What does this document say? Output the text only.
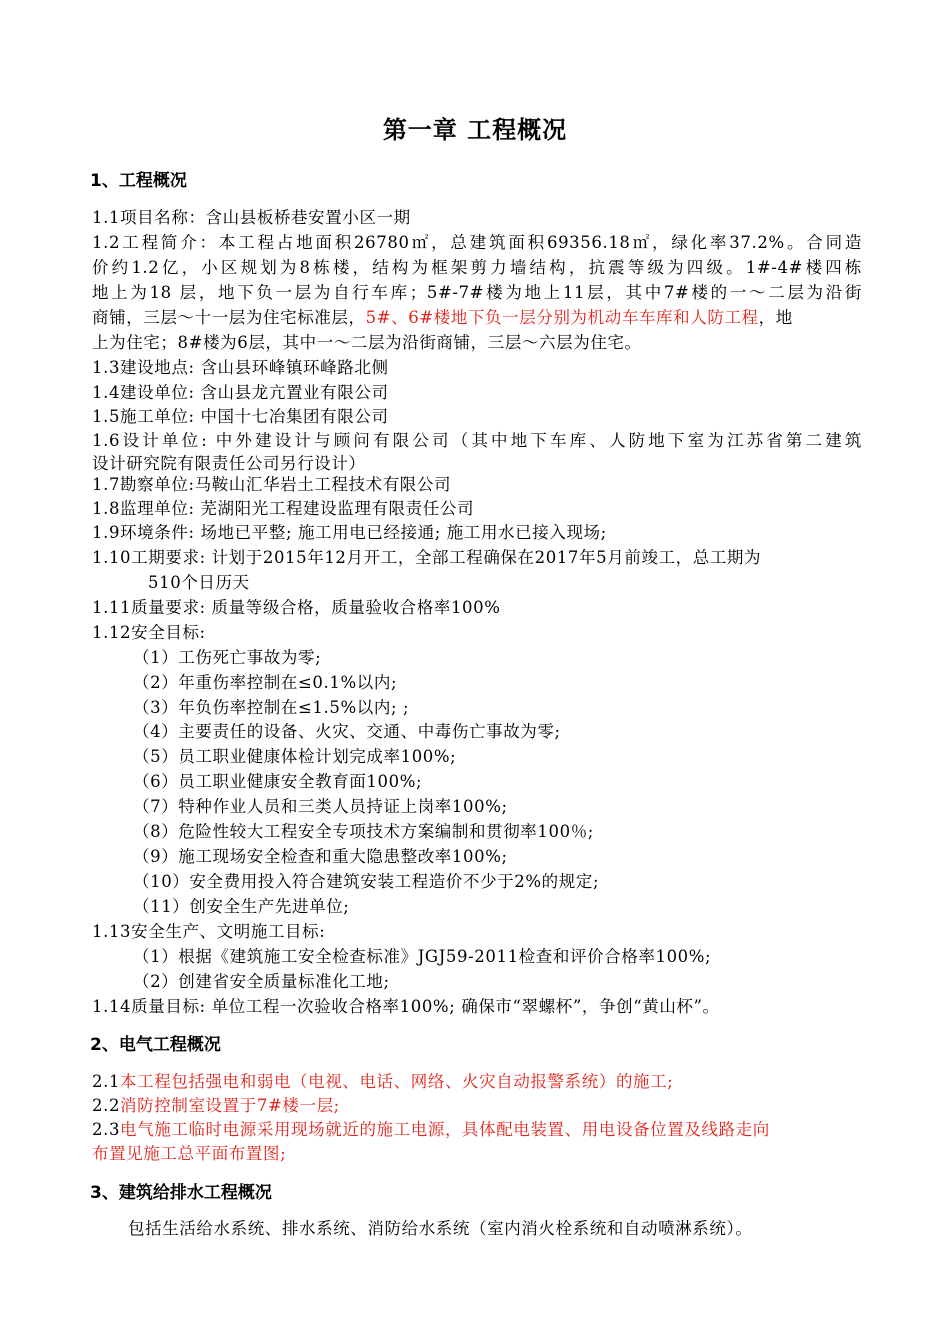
第一章 工程概况
1、工程概况
1.1项目名称：含山县板桥巷安置小区一期
1.2工程简介：本工程占地面积26780㎡，总建筑面积69356.18㎡，绿化率37.2%。合同造
价约1.2亿，小区规划为8栋楼，结构为框架剪力墙结构，抗震等级为四级。1#-4#楼四栋
地上为18 层，地下负一层为自行车库；5#-7#楼为地上11层，其中7#楼的一～二层为沿街
商铺，三层～十一层为住宅标准层，5#、6#楼地下负一层分别为机动车车库和人防工程，地
上为住宅；8#楼为6层，其中一～二层为沿街商铺，三层～六层为住宅。
1.3建设地点: 含山县环峰镇环峰路北侧
1.4建设单位: 含山县龙亢置业有限公司
1.5施工单位: 中国十七冶集团有限公司
1.6设计单位: 中外建设计与顾问有限公司（其中地下车库、人防地下室为江苏省第二建筑
设计研究院有限责任公司另行设计）
1.7勘察单位:马鞍山汇华岩土工程技术有限公司
1.8监理单位: 芜湖阳光工程建设监理有限责任公司
1.9环境条件: 场地已平整; 施工用电已经接通; 施工用水已接入现场;
1.10工期要求: 计划于2015年12月开工，全部工程确保在2017年5月前竣工，总工期为
510个日历天
1.11质量要求: 质量等级合格，质量验收合格率100%
1.12安全目标:
（1）工伤死亡事故为零;
（2）年重伤率控制在≤0.1%以内;
（3）年负伤率控制在≤1.5%以内; ;
（4）主要责任的设备、火灾、交通、中毒伤亡事故为零;
（5）员工职业健康体检计划完成率100%;
（6）员工职业健康安全教育面100%;
（7）特种作业人员和三类人员持证上岗率100%;
（8）危险性较大工程安全专项技术方案编制和贯彻率100％;
（9）施工现场安全检查和重大隐患整改率100%;
（10）安全费用投入符合建筑安装工程造价不少于2%的规定;
（11）创安全生产先进单位;
1.13安全生产、文明施工目标:
（1）根据《建筑施工安全检查标准》JGJ59-2011检查和评价合格率100%;
（2）创建省安全质量标准化工地;
1.14质量目标: 单位工程一次验收合格率100%; 确保市“翠螺杯”，争创“黄山杯”。
2、电气工程概况
2.1本工程包括强电和弱电（电视、电话、网络、火灾自动报警系统）的施工;
2.2消防控制室设置于7#楼一层;
2.3电气施工临时电源采用现场就近的施工电源，具体配电装置、用电设备位置及线路走向
布置见施工总平面布置图;
3、建筑给排水工程概况
包括生活给水系统、排水系统、消防给水系统（室内消火栓系统和自动喷淋系统）。
